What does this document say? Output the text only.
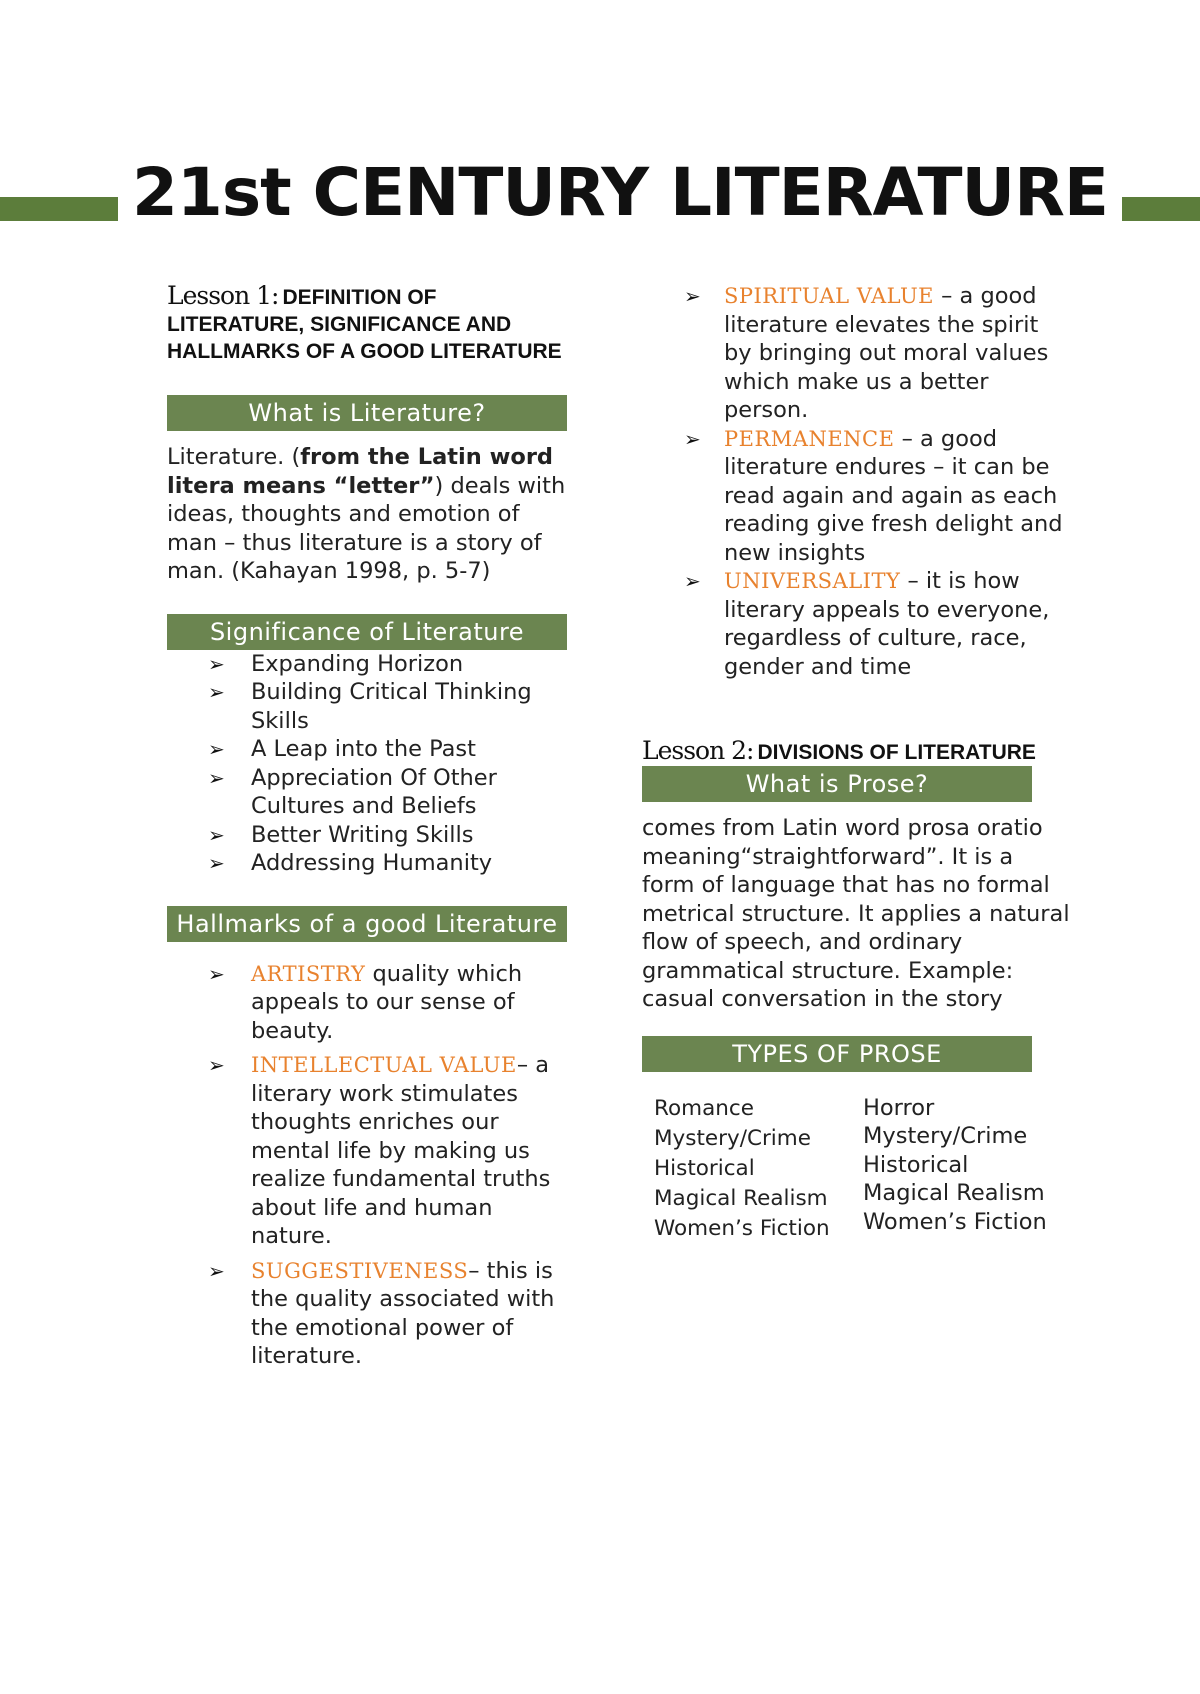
21st CENTURY LITERATURE
Lesson 1: DEFINITION OF LITERATURE, SIGNIFICANCE AND HALLMARKS OF A GOOD LITERATURE
What is Literature?

Literature. (from the Latin word litera means “letter”) deals with ideas, thoughts and emotion of man – thus literature is a story of man. (Kahayan 1998, p. 5-7)

Significance of Literature
➢ Expanding Horizon
➢ Building Critical Thinking Skills
➢ A Leap into the Past
➢ Appreciation Of Other Cultures and Beliefs
➢ Better Writing Skills
➢ Addressing Humanity
Hallmarks of a good Literature
➢ ARTISTRY quality which appeals to our sense of beauty.
➢ INTELLECTUAL VALUE– a literary work stimulates thoughts enriches our mental life by making us realize fundamental truths about life and human nature.
➢ SUGGESTIVENESS– this is the quality associated with the emotional power of literature.
➢ SPIRITUAL VALUE – a good literature elevates the spirit by bringing out moral values which make us a better person.
➢ PERMANENCE – a good literature endures – it can be read again and again as each reading give fresh delight and new insights
➢ UNIVERSALITY – it is how literary appeals to everyone, regardless of culture, race, gender and time
Lesson 2: DIVISIONS OF LITERATURE
What is Prose?

comes from Latin word prosa oratio meaning“straightforward”. It is a form of language that has no formal metrical structure. It applies a natural flow of speech, and ordinary grammatical structure. Example: casual conversation in the story

TYPES OF PROSE
Romance
Mystery/Crime
Historical
Magical Realism
Women’s Fiction
Horror
Mystery/Crime
Historical
Magical Realism
Women’s Fiction
